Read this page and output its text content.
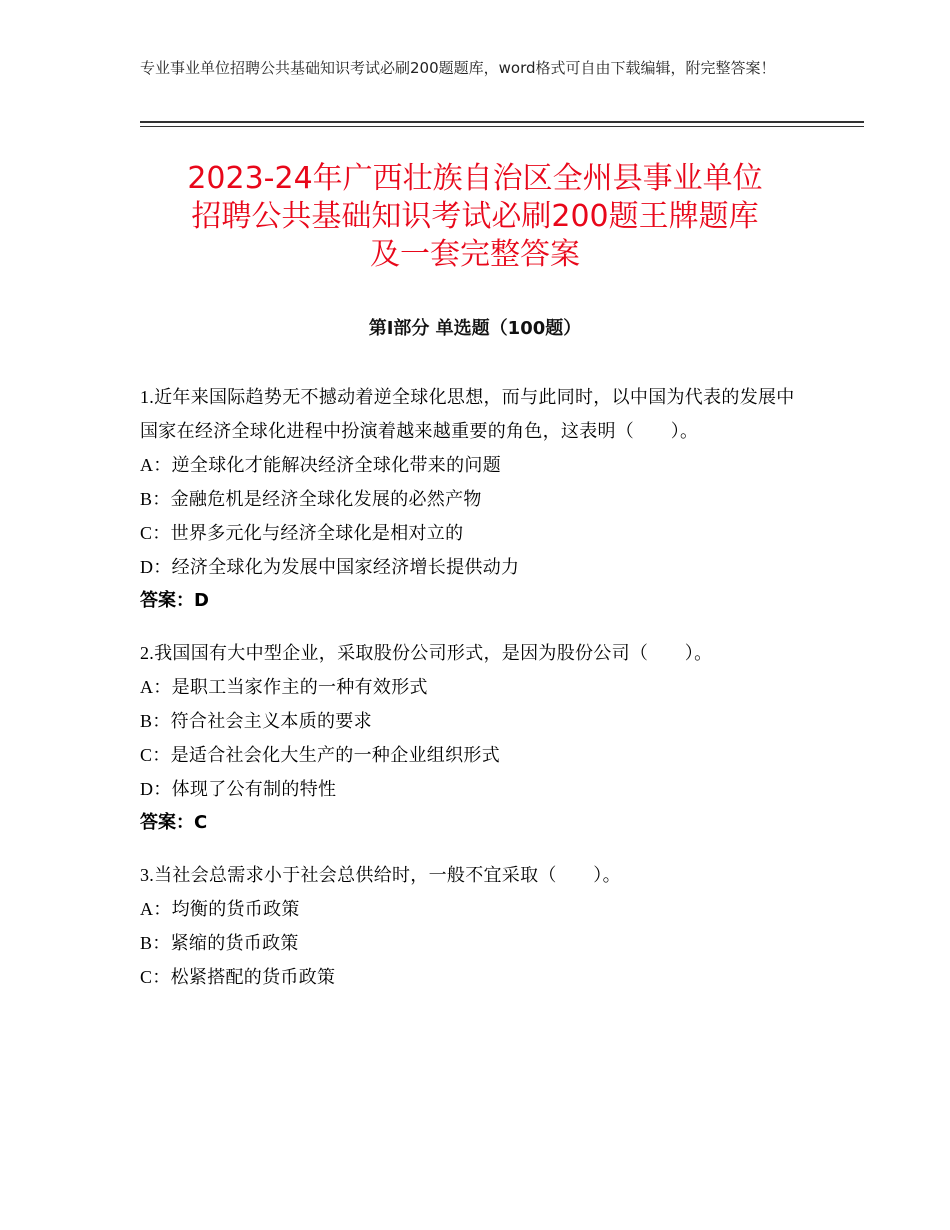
专业事业单位招聘公共基础知识考试必刷200题题库，word格式可自由下载编辑，附完整答案！
2023-24年广西壮族自治区全州县事业单位
招聘公共基础知识考试必刷200题王牌题库
及一套完整答案
第Ⅰ部分 单选题（100题）
1.近年来国际趋势无不撼动着逆全球化思想，而与此同时，以中国为代表的发展中国家在经济全球化进程中扮演着越来越重要的角色，这表明（　　）。
A：逆全球化才能解决经济全球化带来的问题
B：金融危机是经济全球化发展的必然产物
C：世界多元化与经济全球化是相对立的
D：经济全球化为发展中国家经济增长提供动力
答案：D
2.我国国有大中型企业，采取股份公司形式，是因为股份公司（　　）。
A：是职工当家作主的一种有效形式
B：符合社会主义本质的要求
C：是适合社会化大生产的一种企业组织形式
D：体现了公有制的特性
答案：C
3.当社会总需求小于社会总供给时，一般不宜采取（　　）。
A：均衡的货币政策
B：紧缩的货币政策
C：松紧搭配的货币政策
